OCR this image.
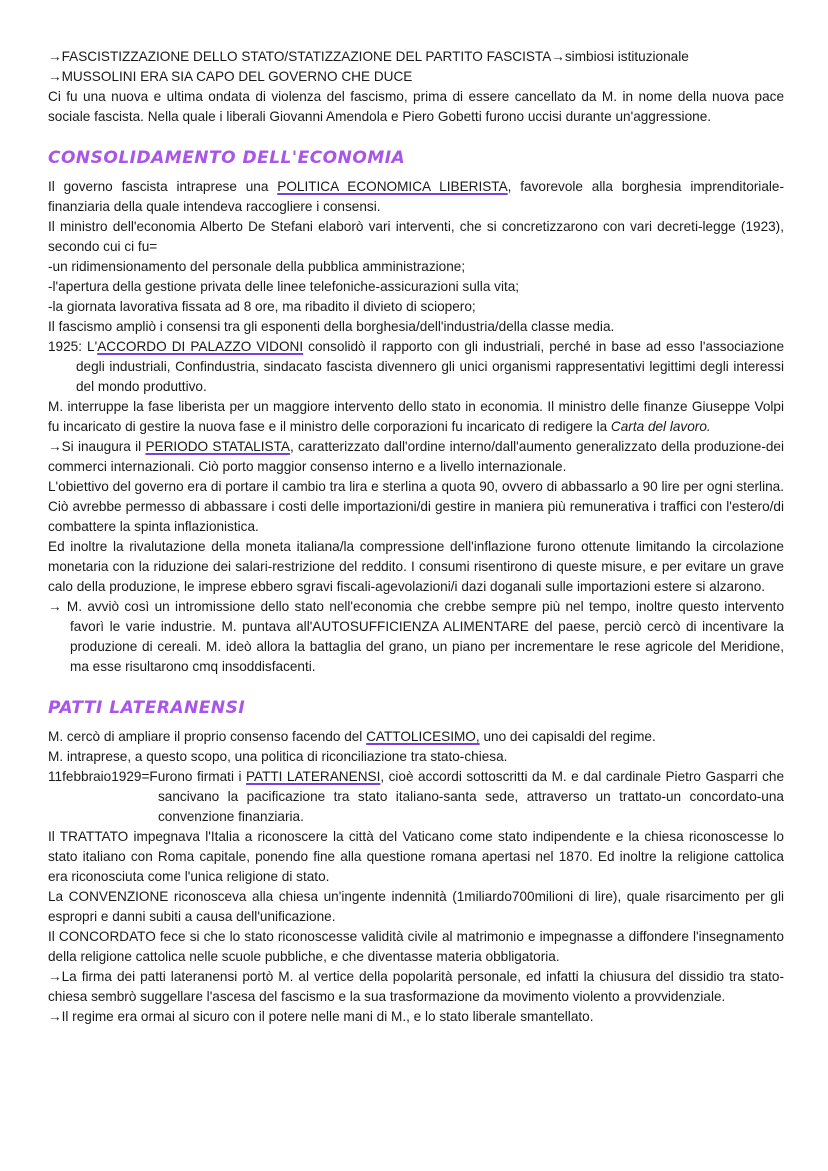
→FASCISTIZZAZIONE DELLO STATO/STATIZZAZIONE DEL PARTITO FASCISTA→simbiosi istituzionale

→MUSSOLINI ERA SIA CAPO DEL GOVERNO CHE DUCE

Ci fu una nuova e ultima ondata di violenza del fascismo, prima di essere cancellato da M. in nome della nuova pace sociale fascista. Nella quale i liberali Giovanni Amendola e Piero Gobetti furono uccisi durante un'aggressione.

CONSOLIDAMENTO DELL'ECONOMIA

Il governo fascista intraprese una POLITICA ECONOMICA LIBERISTA, favorevole alla borghesia imprenditoriale-finanziaria della quale intendeva raccogliere i consensi.

Il ministro dell'economia Alberto De Stefani elaborò vari interventi, che si concretizzarono con vari decreti-legge (1923), secondo cui ci fu=

-un ridimensionamento del personale della pubblica amministrazione;

-l'apertura della gestione privata delle linee telefoniche-assicurazioni sulla vita;

-la giornata lavorativa fissata ad 8 ore, ma ribadito il divieto di sciopero;

Il fascismo ampliò i consensi tra gli esponenti della borghesia/dell'industria/della classe media.

1925: L'ACCORDO DI PALAZZO VIDONI consolidò il rapporto con gli industriali, perché in base ad esso l'associazione degli industriali, Confindustria, sindacato fascista divennero gli unici organismi rappresentativi legittimi degli interessi del mondo produttivo.

M. interruppe la fase liberista per un maggiore intervento dello stato in economia. Il ministro delle finanze Giuseppe Volpi fu incaricato di gestire la nuova fase e il ministro delle corporazioni fu incaricato di redigere la Carta del lavoro.

→Si inaugura il PERIODO STATALISTA, caratterizzato dall'ordine interno/dall'aumento generalizzato della produzione-dei commerci internazionali. Ciò porto maggior consenso interno e a livello internazionale.

L'obiettivo del governo era di portare il cambio tra lira e sterlina a quota 90, ovvero di abbassarlo a 90 lire per ogni sterlina. Ciò avrebbe permesso di abbassare i costi delle importazioni/di gestire in maniera più remunerativa i traffici con l'estero/di combattere la spinta inflazionistica.

Ed inoltre la rivalutazione della moneta italiana/la compressione dell'inflazione furono ottenute limitando la circolazione monetaria con la riduzione dei salari-restrizione del reddito. I consumi risentirono di queste misure, e per evitare un grave calo della produzione, le imprese ebbero sgravi fiscali-agevolazioni/i dazi doganali sulle importazioni estere si alzarono.

→ M. avviò così un intromissione dello stato nell'economia che crebbe sempre più nel tempo, inoltre questo intervento favorì le varie industrie. M. puntava all'AUTOSUFFICIENZA ALIMENTARE del paese, perciò cercò di incentivare la produzione di cereali. M. ideò allora la battaglia del grano, un piano per incrementare le rese agricole del Meridione, ma esse risultarono cmq insoddisfacenti.

PATTI LATERANENSI

M. cercò di ampliare il proprio consenso facendo del CATTOLICESIMO, uno dei capisaldi del regime.

M. intraprese, a questo scopo, una politica di riconciliazione tra stato-chiesa.

11febbraio1929=Furono firmati i PATTI LATERANENSI, cioè accordi sottoscritti da M. e dal cardinale Pietro Gasparri che sancivano la pacificazione tra stato italiano-santa sede, attraverso un trattato-un concordato-una convenzione finanziaria.

Il TRATTATO impegnava l'Italia a riconoscere la città del Vaticano come stato indipendente e la chiesa riconoscesse lo stato italiano con Roma capitale, ponendo fine alla questione romana apertasi nel 1870. Ed inoltre la religione cattolica era riconosciuta come l'unica religione di stato.

La CONVENZIONE riconosceva alla chiesa un'ingente indennità (1miliardo700milioni di lire), quale risarcimento per gli espropri e danni subiti a causa dell'unificazione.

Il CONCORDATO fece si che lo stato riconoscesse validità civile al matrimonio e impegnasse a diffondere l'insegnamento della religione cattolica nelle scuole pubbliche, e che diventasse materia obbligatoria.

→La firma dei patti lateranensi portò M. al vertice della popolarità personale, ed infatti la chiusura del dissidio tra stato-chiesa sembrò suggellare l'ascesa del fascismo e la sua trasformazione da movimento violento a provvidenziale.

→Il regime era ormai al sicuro con il potere nelle mani di M., e lo stato liberale smantellato.
